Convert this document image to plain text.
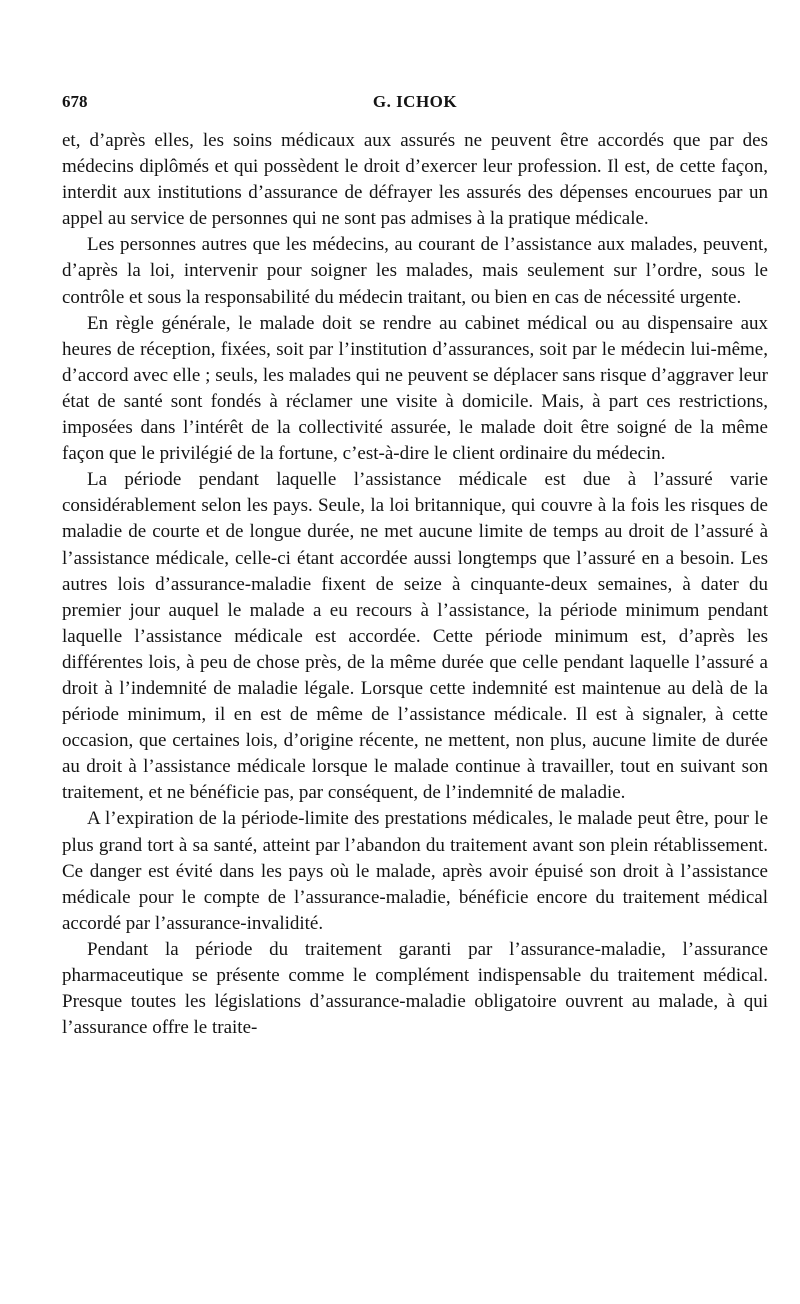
678	G. ICHOK

et, d’après elles, les soins médicaux aux assurés ne peuvent être accordés que par des médecins diplômés et qui possèdent le droit d’exercer leur profession. Il est, de cette façon, interdit aux institutions d’assurance de défrayer les assurés des dépenses encourues par un appel au service de personnes qui ne sont pas admises à la pratique médicale.

Les personnes autres que les médecins, au courant de l’assistance aux malades, peuvent, d’après la loi, intervenir pour soigner les malades, mais seulement sur l’ordre, sous le contrôle et sous la responsabilité du médecin traitant, ou bien en cas de nécessité urgente.

En règle générale, le malade doit se rendre au cabinet médical ou au dispensaire aux heures de réception, fixées, soit par l’institution d’assurances, soit par le médecin lui-même, d’accord avec elle ; seuls, les malades qui ne peuvent se déplacer sans risque d’aggraver leur état de santé sont fondés à réclamer une visite à domicile. Mais, à part ces restrictions, imposées dans l’intérêt de la collectivité assurée, le malade doit être soigné de la même façon que le privilégié de la fortune, c’est-à-dire le client ordinaire du médecin.

La période pendant laquelle l’assistance médicale est due à l’assuré varie considérablement selon les pays. Seule, la loi britannique, qui couvre à la fois les risques de maladie de courte et de longue durée, ne met aucune limite de temps au droit de l’assuré à l’assistance médicale, celle-ci étant accordée aussi longtemps que l’assuré en a besoin. Les autres lois d’assurance-maladie fixent de seize à cinquante-deux semaines, à dater du premier jour auquel le malade a eu recours à l’assistance, la période minimum pendant laquelle l’assistance médicale est accordée. Cette période minimum est, d’après les différentes lois, à peu de chose près, de la même durée que celle pendant laquelle l’assuré a droit à l’indemnité de maladie légale. Lorsque cette indemnité est maintenue au delà de la période minimum, il en est de même de l’assistance médicale. Il est à signaler, à cette occasion, que certaines lois, d’origine récente, ne mettent, non plus, aucune limite de durée au droit à l’assistance médicale lorsque le malade continue à travailler, tout en suivant son traitement, et ne bénéficie pas, par conséquent, de l’indemnité de maladie.

A l’expiration de la période-limite des prestations médicales, le malade peut être, pour le plus grand tort à sa santé, atteint par l’abandon du traitement avant son plein rétablissement. Ce danger est évité dans les pays où le malade, après avoir épuisé son droit à l’assistance médicale pour le compte de l’assurance-maladie, bénéficie encore du traitement médical accordé par l’assurance-invalidité.

Pendant la période du traitement garanti par l’assurance-maladie, l’assurance pharmaceutique se présente comme le complément indispensable du traitement médical. Presque toutes les législations d’assurance-maladie obligatoire ouvrent au malade, à qui l’assurance offre le traite-
